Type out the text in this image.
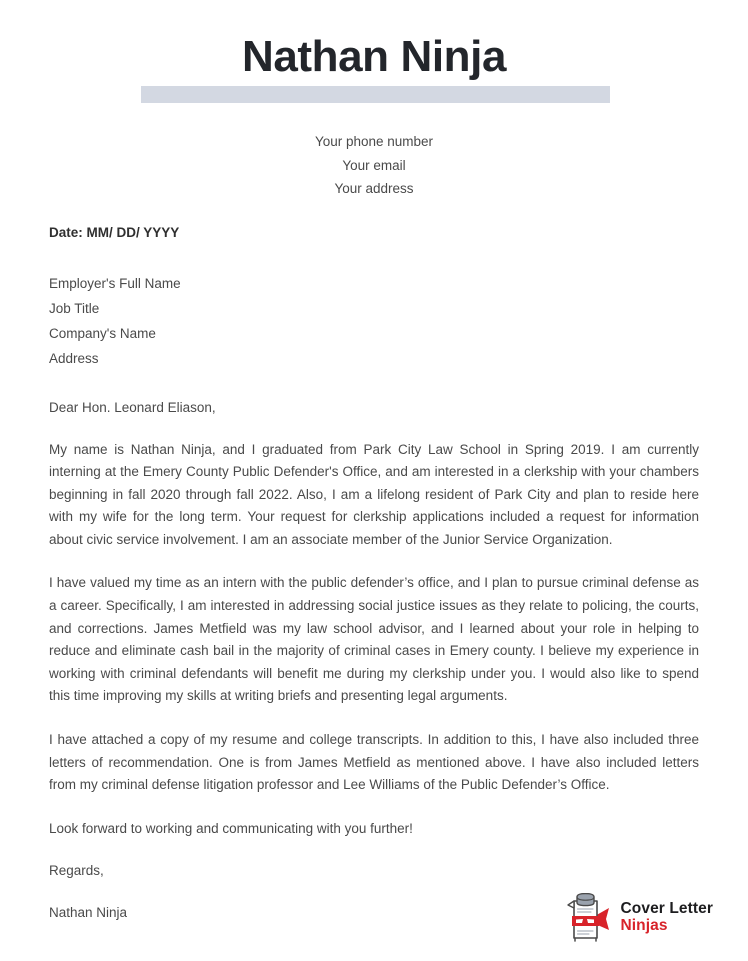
Nathan Ninja
Your phone number
Your email
Your address
Date: MM/ DD/ YYYY
Employer's Full Name
Job Title
Company's Name
Address
Dear Hon. Leonard Eliason,

My name is Nathan Ninja, and I graduated from Park City Law School in Spring 2019. I am currently interning at the Emery County Public Defender's Office, and am interested in a clerkship with your chambers beginning in fall 2020 through fall 2022. Also, I am a lifelong resident of Park City and plan to reside here with my wife for the long term. Your request for clerkship applications included a request for information about civic service involvement. I am an associate member of the Junior Service Organization.

I have valued my time as an intern with the public defender’s office, and I plan to pursue criminal defense as a career. Specifically, I am interested in addressing social justice issues as they relate to policing, the courts, and corrections. James Metfield was my law school advisor, and I learned about your role in helping to reduce and eliminate cash bail in the majority of criminal cases in Emery county. I believe my experience in working with criminal defendants will benefit me during my clerkship under you. I would also like to spend this time improving my skills at writing briefs and presenting legal arguments.

I have attached a copy of my resume and college transcripts. In addition to this, I have also included three letters of recommendation. One is from James Metfield as mentioned above. I have also included letters from my criminal defense litigation professor and Lee Williams of the Public Defender’s Office.

Look forward to working and communicating with you further!

Regards,

Nathan Ninja	Cover Letter
Ninjas
